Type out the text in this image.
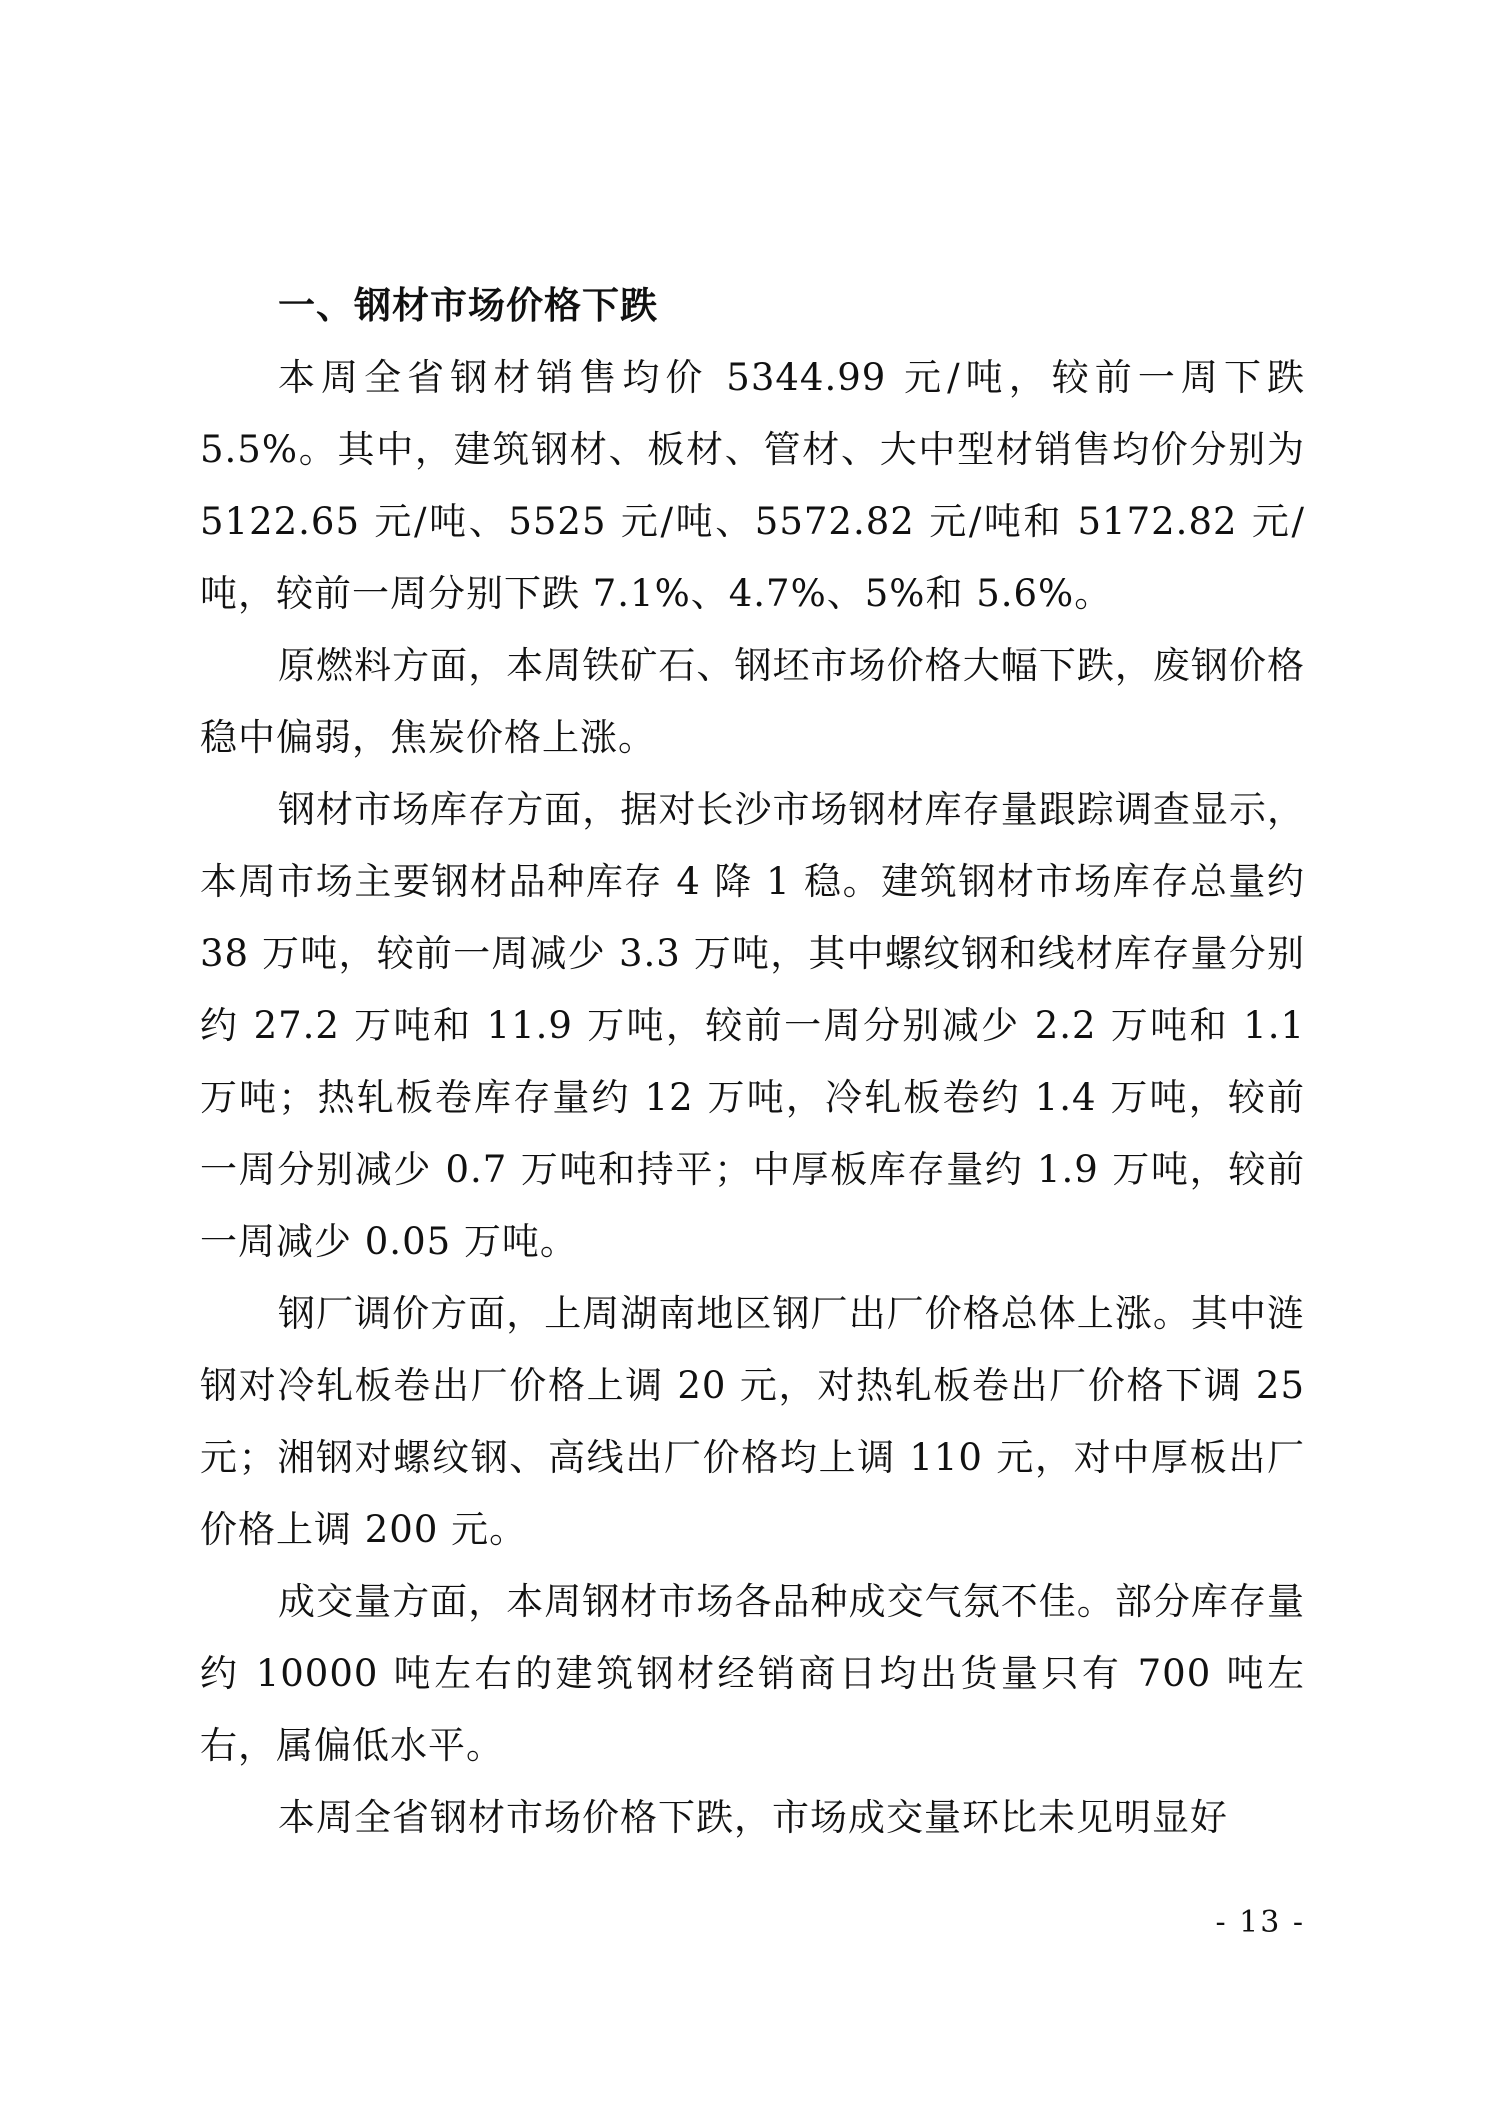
一、钢材市场价格下跌

本周全省钢材销售均价 5344.99 元/吨，较前一周下跌 5.5%。其中，建筑钢材、板材、管材、大中型材销售均价分别为 5122.65 元/吨、5525 元/吨、5572.82 元/吨和 5172.82 元/吨，较前一周分别下跌 7.1%、4.7%、5%和 5.6%。

原燃料方面，本周铁矿石、钢坯市场价格大幅下跌，废钢价格稳中偏弱，焦炭价格上涨。

钢材市场库存方面，据对长沙市场钢材库存量跟踪调查显示，本周市场主要钢材品种库存 4 降 1 稳。建筑钢材市场库存总量约 38 万吨，较前一周减少 3.3 万吨，其中螺纹钢和线材库存量分别约 27.2 万吨和 11.9 万吨，较前一周分别减少 2.2 万吨和 1.1 万吨；热轧板卷库存量约 12 万吨，冷轧板卷约 1.4 万吨，较前一周分别减少 0.7 万吨和持平；中厚板库存量约 1.9 万吨，较前一周减少 0.05 万吨。

钢厂调价方面，上周湖南地区钢厂出厂价格总体上涨。其中涟钢对冷轧板卷出厂价格上调 20 元，对热轧板卷出厂价格下调 25 元；湘钢对螺纹钢、高线出厂价格均上调 110 元，对中厚板出厂价格上调 200 元。

成交量方面，本周钢材市场各品种成交气氛不佳。部分库存量约 10000 吨左右的建筑钢材经销商日均出货量只有 700 吨左右，属偏低水平。

本周全省钢材市场价格下跌，市场成交量环比未见明显好

- 13 -
